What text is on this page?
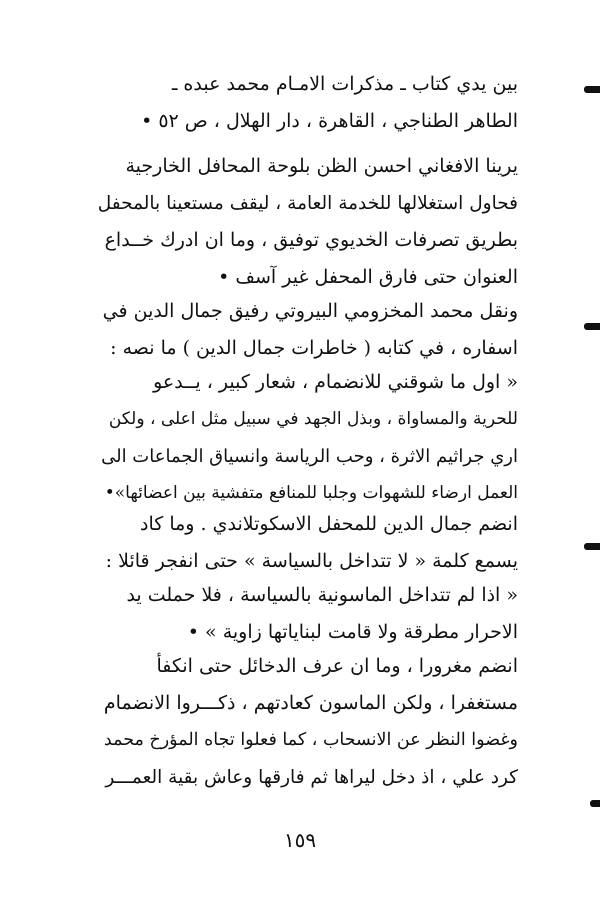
بين يدي كتاب ـ مذكرات الامـام محمد عبده ـ
الطاهر الطناجي ، القاهرة ، دار الهلال ، ص ٥٢ •
يرينا الافغاني احسن الظن بلوحة المحافل الخارجية
فحاول استغلالها للخدمة العامة ، ليقف مستعينا بالمحفل
بطريق تصرفات الخديوي توفيق ، وما ان ادرك خــداع
العنوان حتى فارق المحفل غير آسف •
ونقل محمد المخزومي البيروتي رفيق جمال الدين في
اسفاره ، في كتابه ( خاطرات جمال الدين ) ما نصه :
« اول ما شوقني للانضمام ، شعار كبير ، يــدعو
للحرية والمساواة ، وبذل الجهد في سبيل مثل اعلى ، ولكن
اري جراثيم الاثرة ، وحب الرياسة وانسياق الجماعات الى
العمل ارضاء للشهوات وجلبا للمنافع متفشية بين اعضائها»•
انضم جمال الدين للمحفل الاسكوتلاندي . وما كاد
يسمع كلمة « لا تتداخل بالسياسة » حتى انفجر قائلا :
« اذا لم تتداخل الماسونية بالسياسة ، فلا حملت يد
الاحرار مطرقة ولا قامت لبناياتها زاوية » •
انضم مغرورا ، وما ان عرف الدخائل حتى انكفأ
مستغفرا ، ولكن الماسون كعادتهم ، ذكـــروا الانضمام
وغضوا النظر عن الانسحاب ، كما فعلوا تجاه المؤرخ محمد
كرد علي ، اذ دخل ليراها ثم فارقها وعاش بقية العمـــر
١٥٩
